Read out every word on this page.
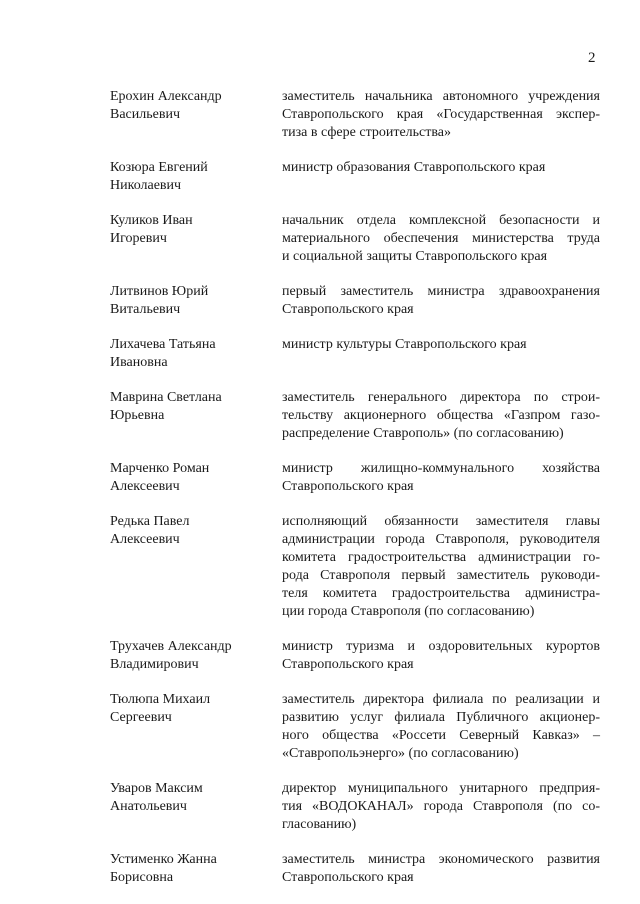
2
Ерохин Александр
Васильевич
заместитель начальника автономного учреждения
Ставропольского края «Государственная экспер-
тиза в сфере строительства»
Козюра Евгений
Николаевич
министр образования Ставропольского края
Куликов Иван
Игоревич
начальник отдела комплексной безопасности и
материального обеспечения министерства труда
и социальной защиты Ставропольского края
Литвинов Юрий
Витальевич
первый заместитель министра здравоохранения
Ставропольского края
Лихачева Татьяна
Ивановна
министр культуры Ставропольского края
Маврина Светлана
Юрьевна
заместитель генерального директора по строи-
тельству акционерного общества «Газпром газо-
распределение Ставрополь» (по согласованию)
Марченко Роман
Алексеевич
министр жилищно-коммунального хозяйства
Ставропольского края
Редька Павел
Алексеевич
исполняющий обязанности заместителя главы
администрации города Ставрополя, руководителя
комитета градостроительства администрации го-
рода Ставрополя первый заместитель руководи-
теля комитета градостроительства администра-
ции города Ставрополя (по согласованию)
Трухачев Александр
Владимирович
министр туризма и оздоровительных курортов
Ставропольского края
Тюлюпа Михаил
Сергеевич
заместитель директора филиала по реализации и
развитию услуг филиала Публичного акционер-
ного общества «Россети Северный Кавказ» –
«Ставропольэнерго» (по согласованию)
Уваров Максим
Анатольевич
директор муниципального унитарного предприя-
тия «ВОДОКАНАЛ» города Ставрополя (по со-
гласованию)
Устименко Жанна
Борисовна
заместитель министра экономического развития
Ставропольского края
